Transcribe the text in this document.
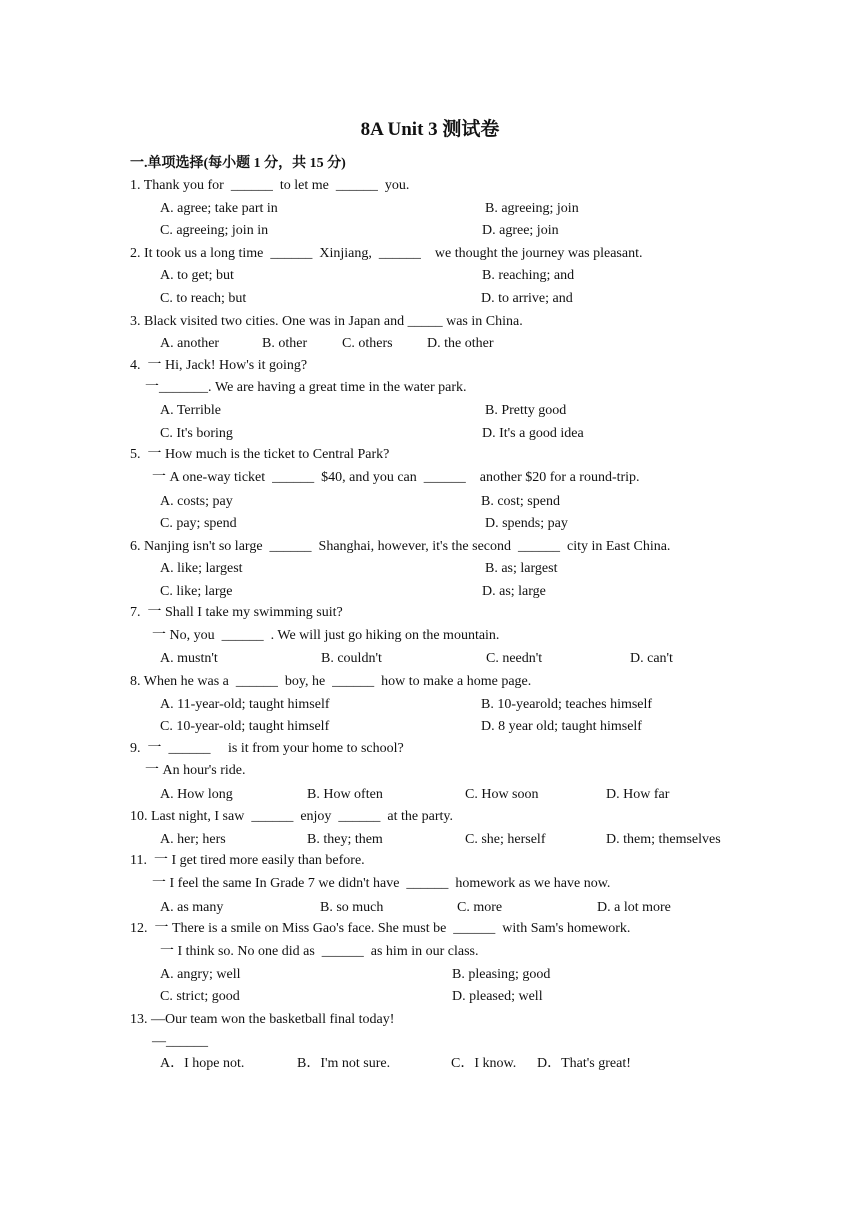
8A Unit 3 测试卷
一.单项选择(每小题 1 分，共 15 分)
1. Thank you for  ______  to let me  ______  you.
A. agree; take part in	B. agreeing; join
C. agreeing; join in	D. agree; join
2. It took us a long time  ______  Xinjiang,  ______    we thought the journey was pleasant.
A. to get; but	B. reaching; and
C. to reach; but	D. to arrive; and
3. Black visited two cities. One was in Japan and _____ was in China.
A. another	B. other C. others D. the other
4.  一 Hi, Jack! How's it going?
一_______. We are having a great time in the water park.
A. Terrible	B. Pretty good
C. It's boring	D. It's a good idea
5.  一 How much is the ticket to Central Park?
一 A one-way ticket  ______  $40, and you can  ______    another $20 for a round-trip.
A. costs; pay	B. cost; spend
C. pay; spend	D. spends; pay
6. Nanjing isn't so large  ______  Shanghai, however, it's the second  ______  city in East China.
A. like; largest	B. as; largest
C. like; large	D. as; large
7.  一 Shall I take my swimming suit?
一 No, you  ______  . We will just go hiking on the mountain.
A. mustn't	B. couldn't	C. needn't	D. can't
8. When he was a  ______  boy, he  ______  how to make a home page.
A. 11-year-old; taught himself	B. 10-yearold; teaches himself
C. 10-year-old; taught himself	D. 8 year old; taught himself
9.  一  ______     is it from your home to school?
一 An hour's ride.
A. How long	B. How often	C. How soon	D. How far
10. Last night, I saw  ______  enjoy  ______  at the party.
A. her; hers	B. they; them	C. she; herself	D. them; themselves
11.  一 I get tired more easily than before.
一 I feel the same In Grade 7 we didn't have  ______  homework as we have now.
A. as many	B. so much	C. more	D. a lot more
12.  一 There is a smile on Miss Gao's face. She must be  ______  with Sam's homework.
一 I think so. No one did as  ______  as him in our class.
A. angry; well	B. pleasing; good
C. strict; good	D. pleased; well
13. —Our team won the basketball final today!
—______
A．I hope not.	B．I'm not sure.	C．I know. D．That's great!
